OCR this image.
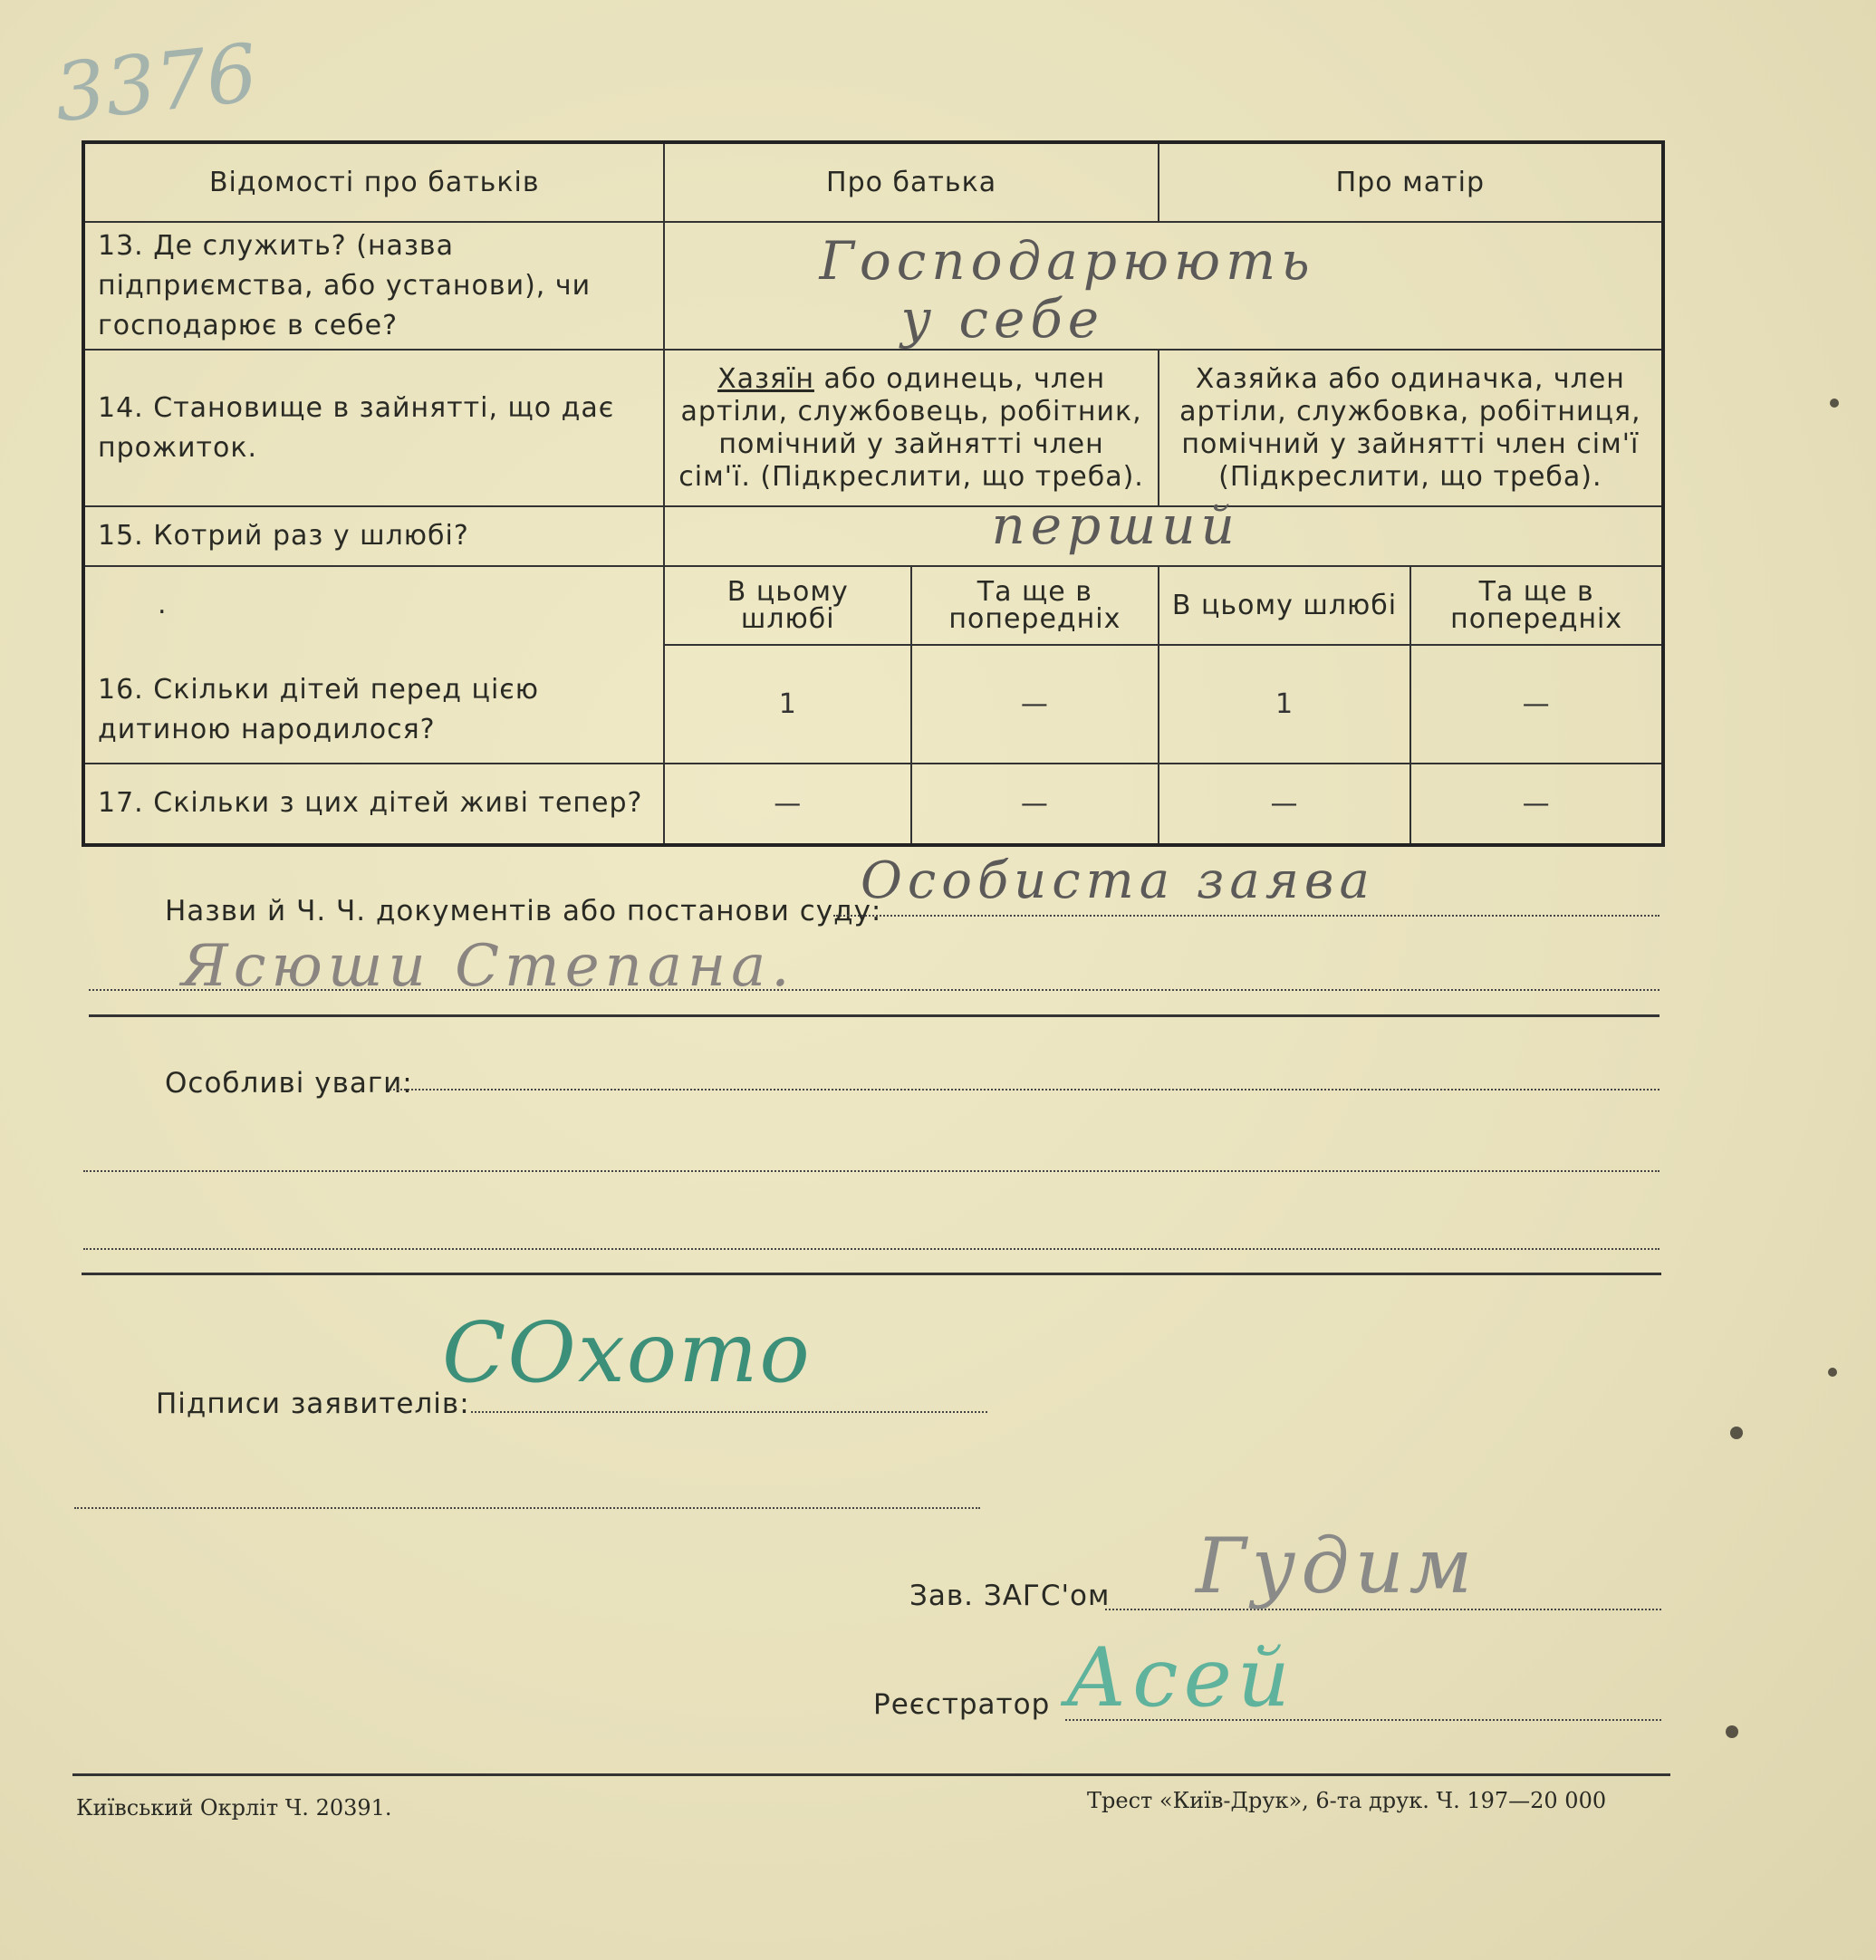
3376
Відомості про батьків	Про батька		Про матір	
13. Де служить? (назва підприємства, або установи), чи господарює в себе?	Господарюють
у себе			

14. Становище в зайнятті, що дає прожиток.	Хазяїн або одинець, член артіли, службовець, робітник, помічний у зайнятті член сім'ї. (Підкреслити, що треба).		Хазяйка або одиначка, член артіли, службовка, робітниця, помічний у зайнятті член сім'ї (Підкреслити, що треба).	
15. Котрий раз у шлюбі?	перший			

.
16. Скільки дітей перед цією дитиною народилося?	В цьому шлюбі	Та ще в попередніх	В цьому шлюбі	Та ще в попередніх
	1	—	1	—
17. Скільки з цих дітей живі тепер?	—	—	—	—
Назви й Ч. Ч. документів або постанови суду:
Особиста заява
Ясюши Степана.
Особливі уваги:
Підписи заявителів:
СОхото
Зав. ЗАГС'ом Гудим
Реєстратор Асей
Київський Окрліт Ч. 20391.	Трест «Київ-Друк», 6-та друк. Ч. 197—20 000
